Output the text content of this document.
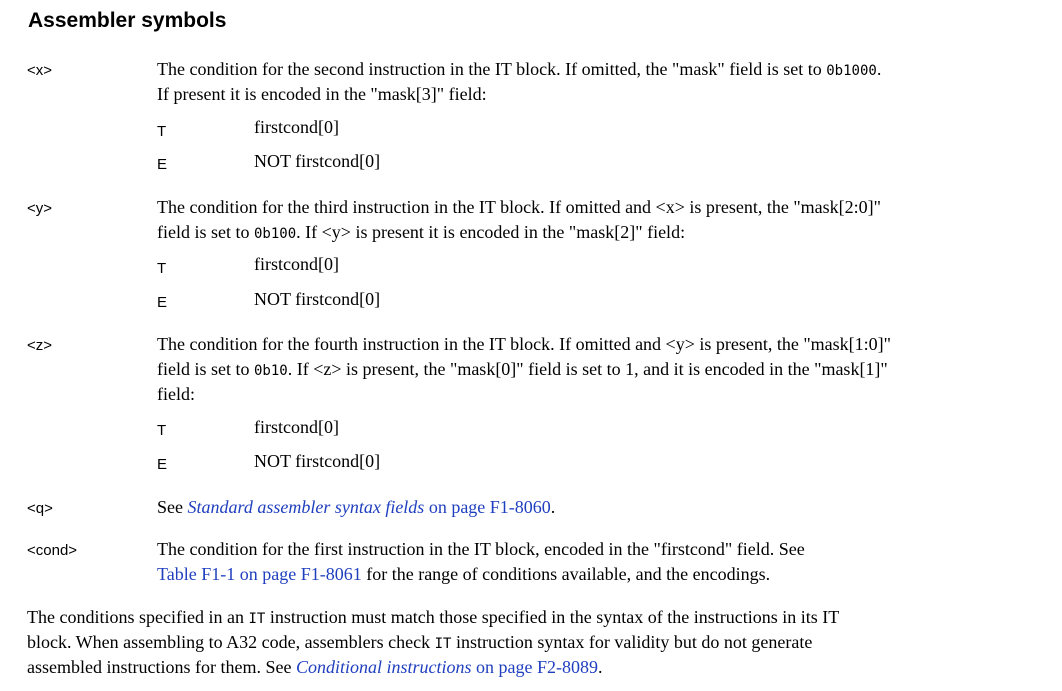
Assembler symbols
<x>	The condition for the second instruction in the IT block. If omitted, the "mask" field is set to 0b1000.
If present it is encoded in the "mask[3]" field:
T	firstcond[0]
E	NOT firstcond[0]
<y>	The condition for the third instruction in the IT block. If omitted and <x> is present, the "mask[2:0]"
field is set to 0b100. If <y> is present it is encoded in the "mask[2]" field:
T	firstcond[0]
E	NOT firstcond[0]
<z>	The condition for the fourth instruction in the IT block. If omitted and <y> is present, the "mask[1:0]"
field is set to 0b10. If <z> is present, the "mask[0]" field is set to 1, and it is encoded in the "mask[1]"
field:
T	firstcond[0]
E	NOT firstcond[0]
<q>	See Standard assembler syntax fields on page F1-8060.
<cond>	The condition for the first instruction in the IT block, encoded in the "firstcond" field. See
Table F1-1 on page F1-8061 for the range of conditions available, and the encodings.
The conditions specified in an IT instruction must match those specified in the syntax of the instructions in its IT
block. When assembling to A32 code, assemblers check IT instruction syntax for validity but do not generate
assembled instructions for them. See Conditional instructions on page F2-8089.
